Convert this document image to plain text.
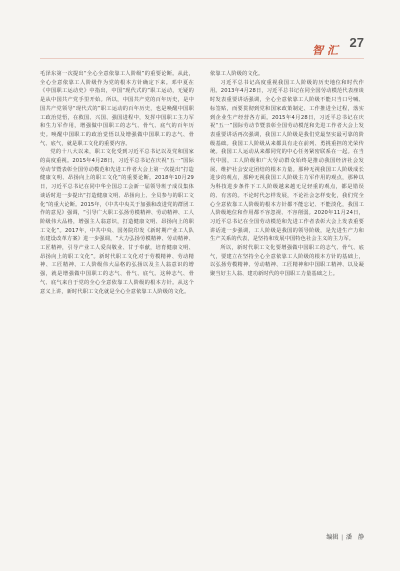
智 汇
27

毛泽东第一次提出“全心全意依靠工人阶级”的重要论断。从此，全心全意依靠工人阶级作为党的根本方针确定下来。邓中夏在《中国职工运动史》中指出，中国“现代式的”职工运动，无疑的是从中国共产党手里开始。所以，中国共产党的百年历史，是中国共产党领导“现代式的”职工运动的百年历史，也是唤醒中国职工政治觉悟，在救国、兴国、强国进程中，发挥中国职工主力军和生力军作用，增强做中国职工的志气、骨气、底气的百年历史。唤醒中国职工的政治觉悟以及增强做中国职工的志气、骨气、底气，就是职工文化的重要内容。

党的十八大以来，职工文化受到习近平总书记以及党和国家的高度重视。2015年4月28日，习近平总书记在庆祝“五一”国际劳动节暨表彰全国劳动模范和先进工作者大会上第一次提出“打造健康文明、昂扬向上的职工文化”的重要论断。2018年10月29日，习近平总书记在同中华全国总工会新一届领导班子成员集体谈话时进一步提出“打造健康文明、昂扬向上、全员参与的职工文化”的重大论断。2015年，《中共中央关于加强和改进党的群团工作的意见》强调，“引导广大职工弘扬劳模精神、劳动精神、工人阶级伟大品格，增强主人翁意识，打造健康文明、昂扬向上的职工文化”。2017年，中共中央、国务院印发《新时期产业工人队伍建设改革方案》进一步强调，“大力弘扬劳模精神、劳动精神、工匠精神，引导产业工人爱岗敬业、甘于奉献，培育健康文明、昂扬向上的职工文化”。新时代职工文化对于劳模精神、劳动精神、工匠精神、工人阶级伟大品格的弘扬以及主人翁意识的增强，就是增强做中国职工的志气、骨气、底气。这种志气、骨气、底气来自于党的全心全意依靠工人阶级的根本方针。从这个意义上讲，新时代职工文化就是全心全意依靠工人阶级的文化。

依靠工人阶级的文化。

习近平总书记高度重视我国工人阶级的历史地位和时代作用。2013年4月28日，习近平总书记在同全国劳动模范代表座谈时发表重要讲话强调，全心全意依靠工人阶级不能只当口号喊、标签贴，而要贯彻到党和国家政策制定、工作推进全过程，落实到企业生产经营各方面。2015年4月28日，习近平总书记在庆祝“五一”国际劳动节暨表彰全国劳动模范和先进工作者大会上发表重要讲话再次强调，我国工人阶级是我们党最坚实最可靠的阶级基础。我国工人阶级从来都具有走在前列、勇挑重担的光荣传统。我国工人运动从来都同党的中心任务紧密联系在一起。在当代中国，工人阶级和广大劳动群众始终是推动我国经济社会发展、维护社会安定团结的根本力量。那种无视我国工人阶级成长进步的观点，那种无视我国工人阶级主力军作用的观点，那种以为科技进步条件下工人阶级越来越无足轻重的观点，都是错误的、有害的。不论时代怎样发展，不论社会怎样变化，我们党全心全意依靠工人阶级的根本方针都不能忘记、不能淡化，我国工人阶级地位和作用都不容忽视、不容削弱。2020年11月24日，习近平总书记在全国劳动模范和先进工作者表彰大会上发表重要讲话进一步强调，工人阶级是我国的领导阶级，是先进生产力和生产关系的代表，是坚持和发展中国特色社会主义的主力军。

所以，新时代职工文化要增强做中国职工的志气、骨气、底气，要建立在坚持全心全意依靠工人阶级的根本方针的基础上，以弘扬劳模精神、劳动精神、工匠精神和中国职工精神、以及凝聚当好主人翁、建功新时代的中国职工力量基础之上。

编辑 | 潘　静
